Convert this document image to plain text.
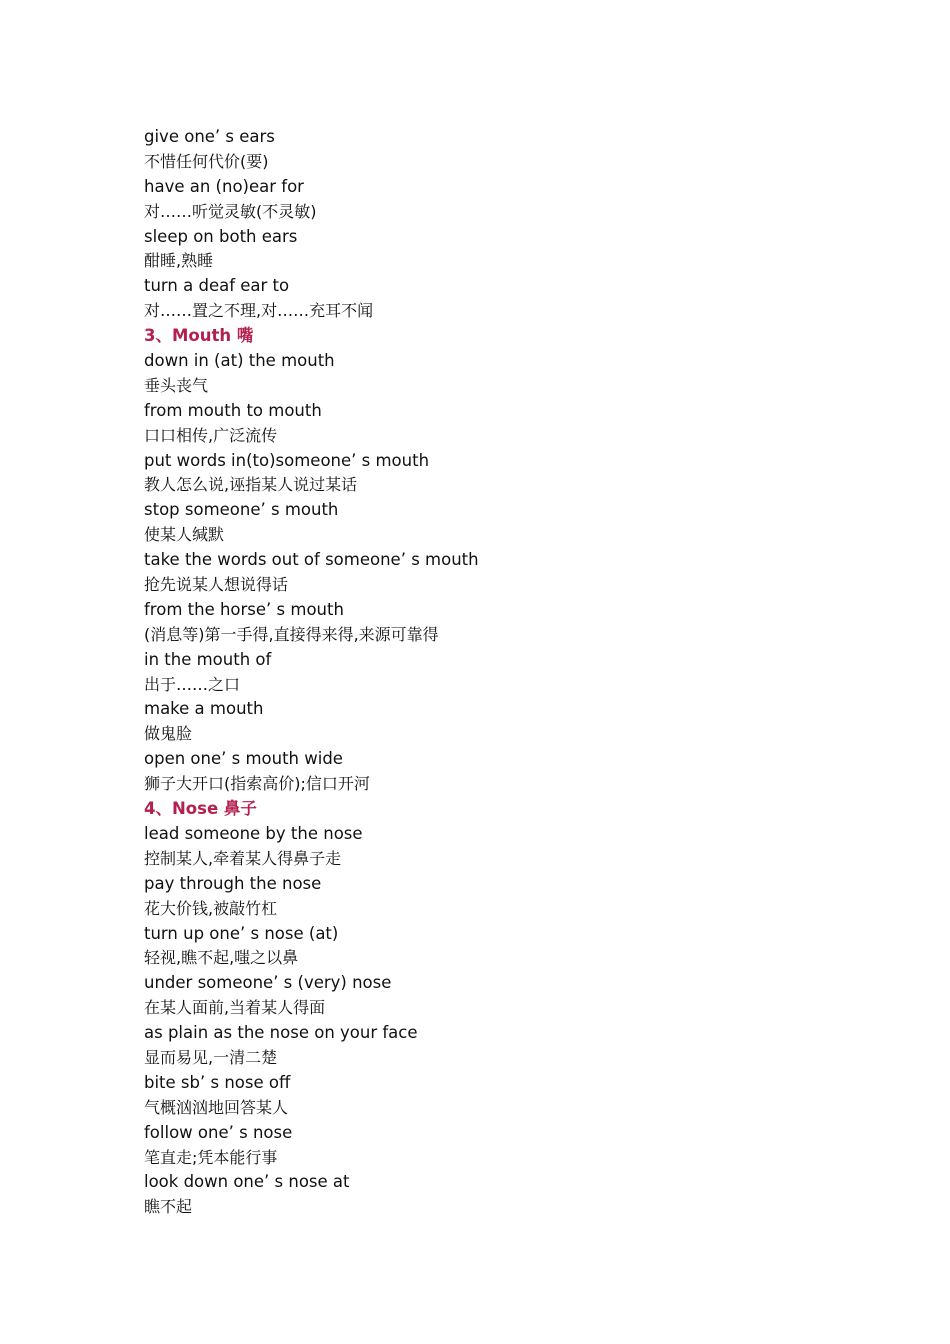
give one’ s ears
不惜任何代价(要)
have an (no)ear for
对……听觉灵敏(不灵敏)
sleep on both ears
酣睡,熟睡
turn a deaf ear to
对……置之不理,对……充耳不闻
3、Mouth 嘴
down in (at) the mouth
垂头丧气
from mouth to mouth
口口相传,广泛流传
put words in(to)someone’ s mouth
教人怎么说,诬指某人说过某话
stop someone’ s mouth
使某人缄默
take the words out of someone’ s mouth
抢先说某人想说得话
from the horse’ s mouth
(消息等)第一手得,直接得来得,来源可靠得
in the mouth of
出于……之口
make a mouth
做鬼脸
open one’ s mouth wide
狮子大开口(指索高价);信口开河
4、Nose 鼻子
lead someone by the nose
控制某人,牵着某人得鼻子走
pay through the nose
花大价钱,被敲竹杠
turn up one’ s nose (at)
轻视,瞧不起,嗤之以鼻
under someone’ s (very) nose
在某人面前,当着某人得面
as plain as the nose on your face
显而易见,一清二楚
bite sb’ s nose off
气概汹汹地回答某人
follow one’ s nose
笔直走;凭本能行事
look down one’ s nose at
瞧不起
